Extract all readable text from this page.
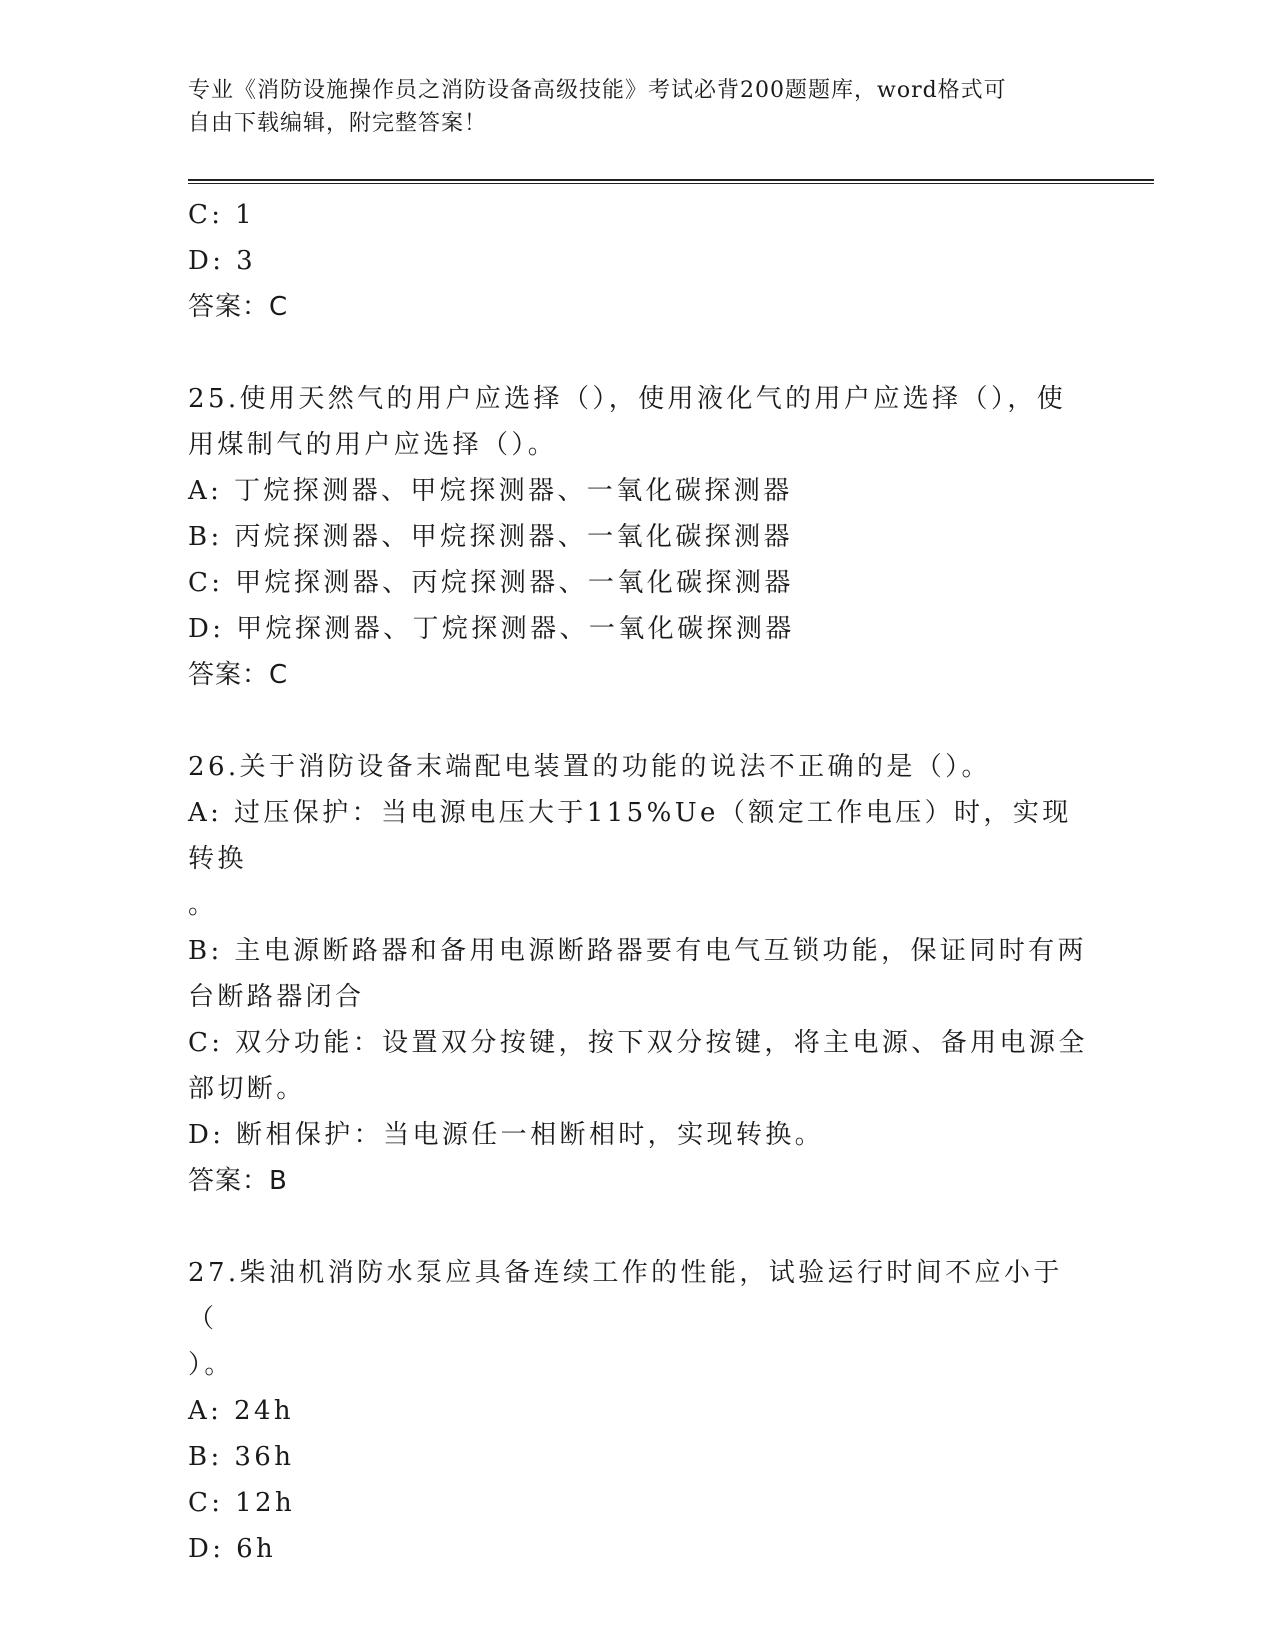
专业《消防设施操作员之消防设备高级技能》考试必背200题题库，word格式可
自由下载编辑，附完整答案！
C: 1
D: 3
答案：C
25.使用天然气的用户应选择（），使用液化气的用户应选择（），使
用煤制气的用户应选择（）。
A: 丁烷探测器、甲烷探测器、一氧化碳探测器
B: 丙烷探测器、甲烷探测器、一氧化碳探测器
C: 甲烷探测器、丙烷探测器、一氧化碳探测器
D: 甲烷探测器、丁烷探测器、一氧化碳探测器
答案：C
26.关于消防设备末端配电装置的功能的说法不正确的是（）。
A: 过压保护：当电源电压大于115%Ue（额定工作电压）时，实现转换
。
B: 主电源断路器和备用电源断路器要有电气互锁功能，保证同时有两
台断路器闭合
C: 双分功能：设置双分按键，按下双分按键，将主电源、备用电源全
部切断。
D: 断相保护：当电源任一相断相时，实现转换。
答案：B
27.柴油机消防水泵应具备连续工作的性能，试验运行时间不应小于（
）。
A: 24h
B: 36h
C: 12h
D: 6h
